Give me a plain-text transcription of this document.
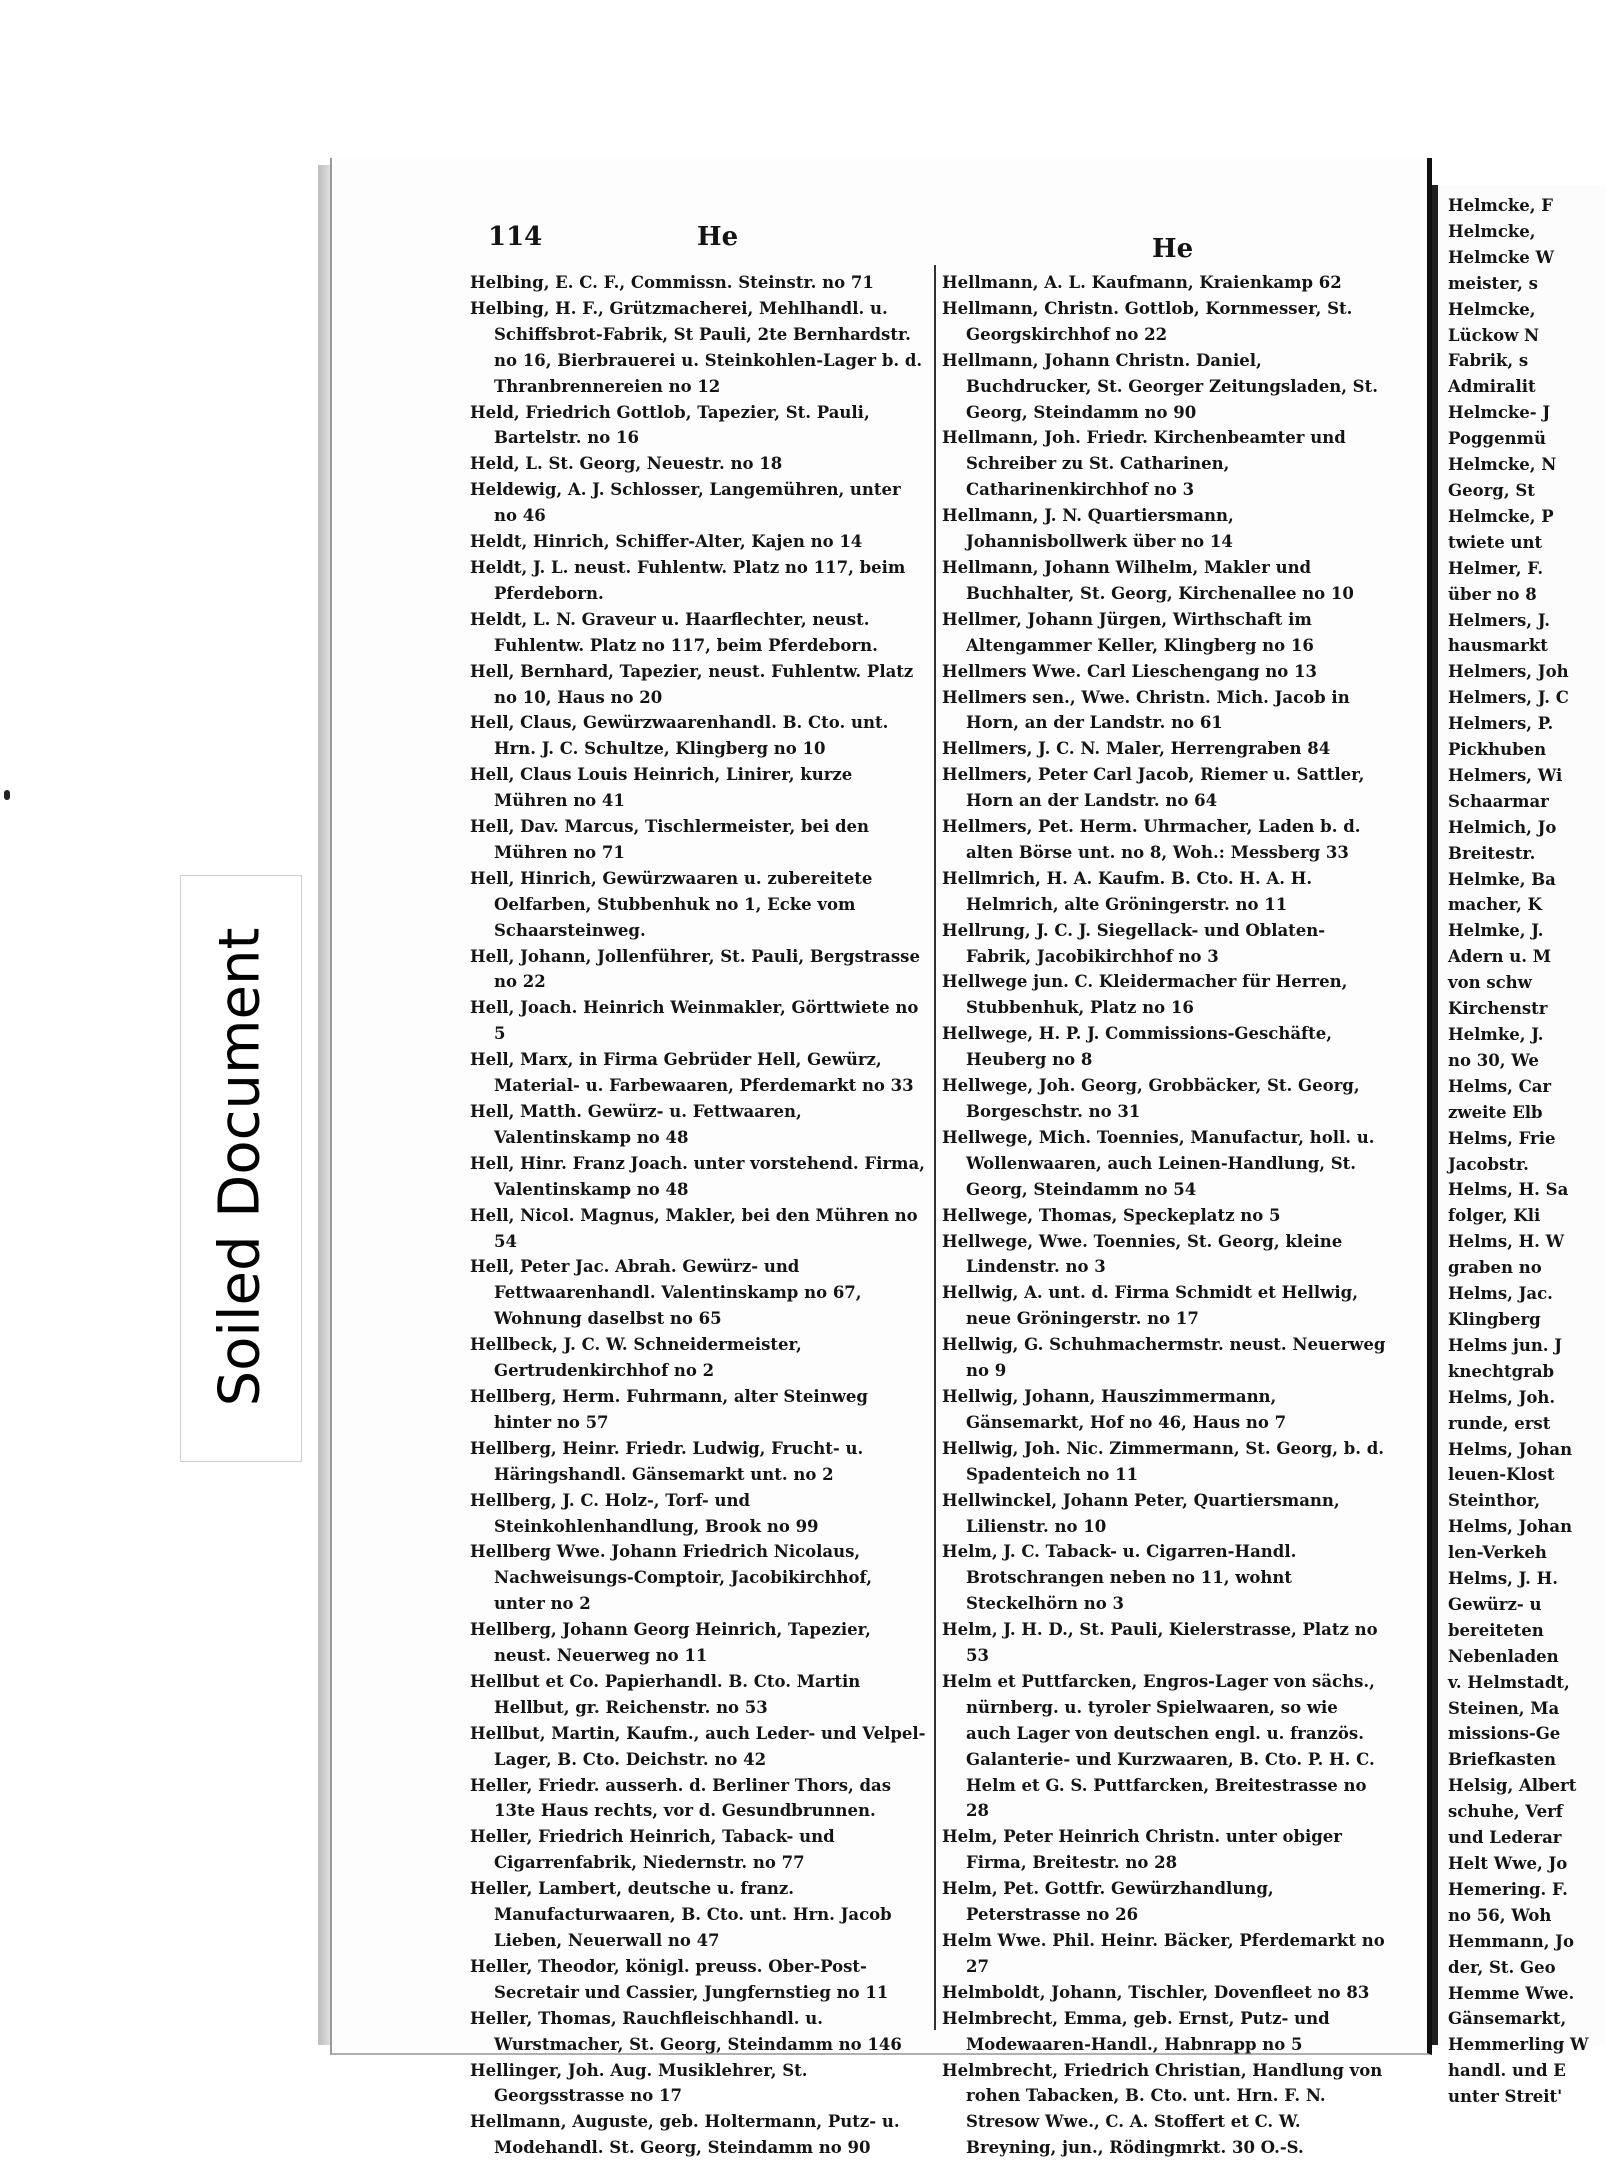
Soiled Document
Helmcke, F
Helmcke,
Helmcke W
meister, s
Helmcke,
Lückow N
Fabrik, s
Admiralit
Helmcke- J
Poggenmü
Helmcke, N
Georg, St
Helmcke, P
twiete unt
Helmer, F.
über no 8
Helmers, J.
hausmarkt
Helmers, Joh
Helmers, J. C
Helmers, P.
Pickhuben
Helmers, Wi
Schaarmar
Helmich, Jo
Breitestr.
Helmke, Ba
macher, K
Helmke, J.
Adern u. M
von schw
Kirchenstr
Helmke, J.
no 30, We
Helms, Car
zweite Elb
Helms, Frie
Jacobstr.
Helms, H. Sa
folger, Kli
Helms, H. W
graben no
Helms, Jac.
Klingberg
Helms jun. J
knechtgrab
Helms, Joh.
runde, erst
Helms, Johan
leuen-Klost
Steinthor,
Helms, Johan
len-Verkeh
Helms, J. H.
Gewürz- u
bereiteten
Nebenladen
v. Helmstadt,
Steinen, Ma
missions-Ge
Briefkasten
Helsig, Albert
schuhe, Verf
und Lederar
Helt Wwe, Jo
Hemering. F.
no 56, Woh
Hemmann, Jo
der, St. Geo
Hemme Wwe.
Gänsemarkt,
Hemmerling W
handl. und E
unter Streit'
114	He	He
Helbing, E. C. F., Commissn. Steinstr. no 71
Helbing, H. F., Grützmacherei, Mehlhandl. u. Schiffsbrot-Fabrik, St Pauli, 2te Bernhardstr. no 16, Bierbrauerei u. Steinkohlen-Lager b. d. Thranbrennereien no 12
Held, Friedrich Gottlob, Tapezier, St. Pauli, Bartelstr. no 16
Held, L. St. Georg, Neuestr. no 18
Heldewig, A. J. Schlosser, Langemühren, unter no 46
Heldt, Hinrich, Schiffer-Alter, Kajen no 14
Heldt, J. L. neust. Fuhlentw. Platz no 117, beim Pferdeborn.
Heldt, L. N. Graveur u. Haarflechter, neust. Fuhlentw. Platz no 117, beim Pferdeborn.
Hell, Bernhard, Tapezier, neust. Fuhlentw. Platz no 10, Haus no 20
Hell, Claus, Gewürzwaarenhandl. B. Cto. unt. Hrn. J. C. Schultze, Klingberg no 10
Hell, Claus Louis Heinrich, Linirer, kurze Mühren no 41
Hell, Dav. Marcus, Tischlermeister, bei den Mühren no 71
Hell, Hinrich, Gewürzwaaren u. zubereitete Oelfarben, Stubbenhuk no 1, Ecke vom Schaarsteinweg.
Hell, Johann, Jollenführer, St. Pauli, Bergstrasse no 22
Hell, Joach. Heinrich Weinmakler, Görttwiete no 5
Hell, Marx, in Firma Gebrüder Hell, Gewürz, Material- u. Farbewaaren, Pferdemarkt no 33
Hell, Matth. Gewürz- u. Fettwaaren, Valentinskamp no 48
Hell, Hinr. Franz Joach. unter vorstehend. Firma, Valentinskamp no 48
Hell, Nicol. Magnus, Makler, bei den Mühren no 54
Hell, Peter Jac. Abrah. Gewürz- und Fettwaarenhandl. Valentinskamp no 67, Wohnung daselbst no 65
Hellbeck, J. C. W. Schneidermeister, Gertrudenkirchhof no 2
Hellberg, Herm. Fuhrmann, alter Steinweg hinter no 57
Hellberg, Heinr. Friedr. Ludwig, Frucht- u. Häringshandl. Gänsemarkt unt. no 2
Hellberg, J. C. Holz-, Torf- und Steinkohlenhandlung, Brook no 99
Hellberg Wwe. Johann Friedrich Nicolaus, Nachweisungs-Comptoir, Jacobikirchhof, unter no 2
Hellberg, Johann Georg Heinrich, Tapezier, neust. Neuerweg no 11
Hellbut et Co. Papierhandl. B. Cto. Martin Hellbut, gr. Reichenstr. no 53
Hellbut, Martin, Kaufm., auch Leder- und Velpel-Lager, B. Cto. Deichstr. no 42
Heller, Friedr. ausserh. d. Berliner Thors, das 13te Haus rechts, vor d. Gesundbrunnen.
Heller, Friedrich Heinrich, Taback- und Cigarrenfabrik, Niedernstr. no 77
Heller, Lambert, deutsche u. franz. Manufacturwaaren, B. Cto. unt. Hrn. Jacob Lieben, Neuerwall no 47
Heller, Theodor, königl. preuss. Ober-Post-Secretair und Cassier, Jungfernstieg no 11
Heller, Thomas, Rauchfleischhandl. u. Wurstmacher, St. Georg, Steindamm no 146
Hellinger, Joh. Aug. Musiklehrer, St. Georgsstrasse no 17
Hellmann, Auguste, geb. Holtermann, Putz- u. Modehandl. St. Georg, Steindamm no 90
Hellmann, A. L. Kaufmann, Kraienkamp 62
Hellmann, Christn. Gottlob, Kornmesser, St. Georgskirchhof no 22
Hellmann, Johann Christn. Daniel, Buchdrucker, St. Georger Zeitungsladen, St. Georg, Steindamm no 90
Hellmann, Joh. Friedr. Kirchenbeamter und Schreiber zu St. Catharinen, Catharinenkirchhof no 3
Hellmann, J. N. Quartiersmann, Johannisbollwerk über no 14
Hellmann, Johann Wilhelm, Makler und Buchhalter, St. Georg, Kirchenallee no 10
Hellmer, Johann Jürgen, Wirthschaft im Altengammer Keller, Klingberg no 16
Hellmers Wwe. Carl Lieschengang no 13
Hellmers sen., Wwe. Christn. Mich. Jacob in Horn, an der Landstr. no 61
Hellmers, J. C. N. Maler, Herrengraben 84
Hellmers, Peter Carl Jacob, Riemer u. Sattler, Horn an der Landstr. no 64
Hellmers, Pet. Herm. Uhrmacher, Laden b. d. alten Börse unt. no 8, Woh.: Messberg 33
Hellmrich, H. A. Kaufm. B. Cto. H. A. H. Helmrich, alte Gröningerstr. no 11
Hellrung, J. C. J. Siegellack- und Oblaten-Fabrik, Jacobikirchhof no 3
Hellwege jun. C. Kleidermacher für Herren, Stubbenhuk, Platz no 16
Hellwege, H. P. J. Commissions-Geschäfte, Heuberg no 8
Hellwege, Joh. Georg, Grobbäcker, St. Georg, Borgeschstr. no 31
Hellwege, Mich. Toennies, Manufactur, holl. u. Wollenwaaren, auch Leinen-Handlung, St. Georg, Steindamm no 54
Hellwege, Thomas, Speckeplatz no 5
Hellwege, Wwe. Toennies, St. Georg, kleine Lindenstr. no 3
Hellwig, A. unt. d. Firma Schmidt et Hellwig, neue Gröningerstr. no 17
Hellwig, G. Schuhmachermstr. neust. Neuerweg no 9
Hellwig, Johann, Hauszimmermann, Gänsemarkt, Hof no 46, Haus no 7
Hellwig, Joh. Nic. Zimmermann, St. Georg, b. d. Spadenteich no 11
Hellwinckel, Johann Peter, Quartiersmann, Lilienstr. no 10
Helm, J. C. Taback- u. Cigarren-Handl. Brotschrangen neben no 11, wohnt Steckelhörn no 3
Helm, J. H. D., St. Pauli, Kielerstrasse, Platz no 53
Helm et Puttfarcken, Engros-Lager von sächs., nürnberg. u. tyroler Spielwaaren, so wie auch Lager von deutschen engl. u. französ. Galanterie- und Kurzwaaren, B. Cto. P. H. C. Helm et G. S. Puttfarcken, Breitestrasse no 28
Helm, Peter Heinrich Christn. unter obiger Firma, Breitestr. no 28
Helm, Pet. Gottfr. Gewürzhandlung, Peterstrasse no 26
Helm Wwe. Phil. Heinr. Bäcker, Pferdemarkt no 27
Helmboldt, Johann, Tischler, Dovenfleet no 83
Helmbrecht, Emma, geb. Ernst, Putz- und Modewaaren-Handl., Habnrapp no 5
Helmbrecht, Friedrich Christian, Handlung von rohen Tabacken, B. Cto. unt. Hrn. F. N. Stresow Wwe., C. A. Stoffert et C. W. Breyning, jun., Rödingmrkt. 30 O.-S.
